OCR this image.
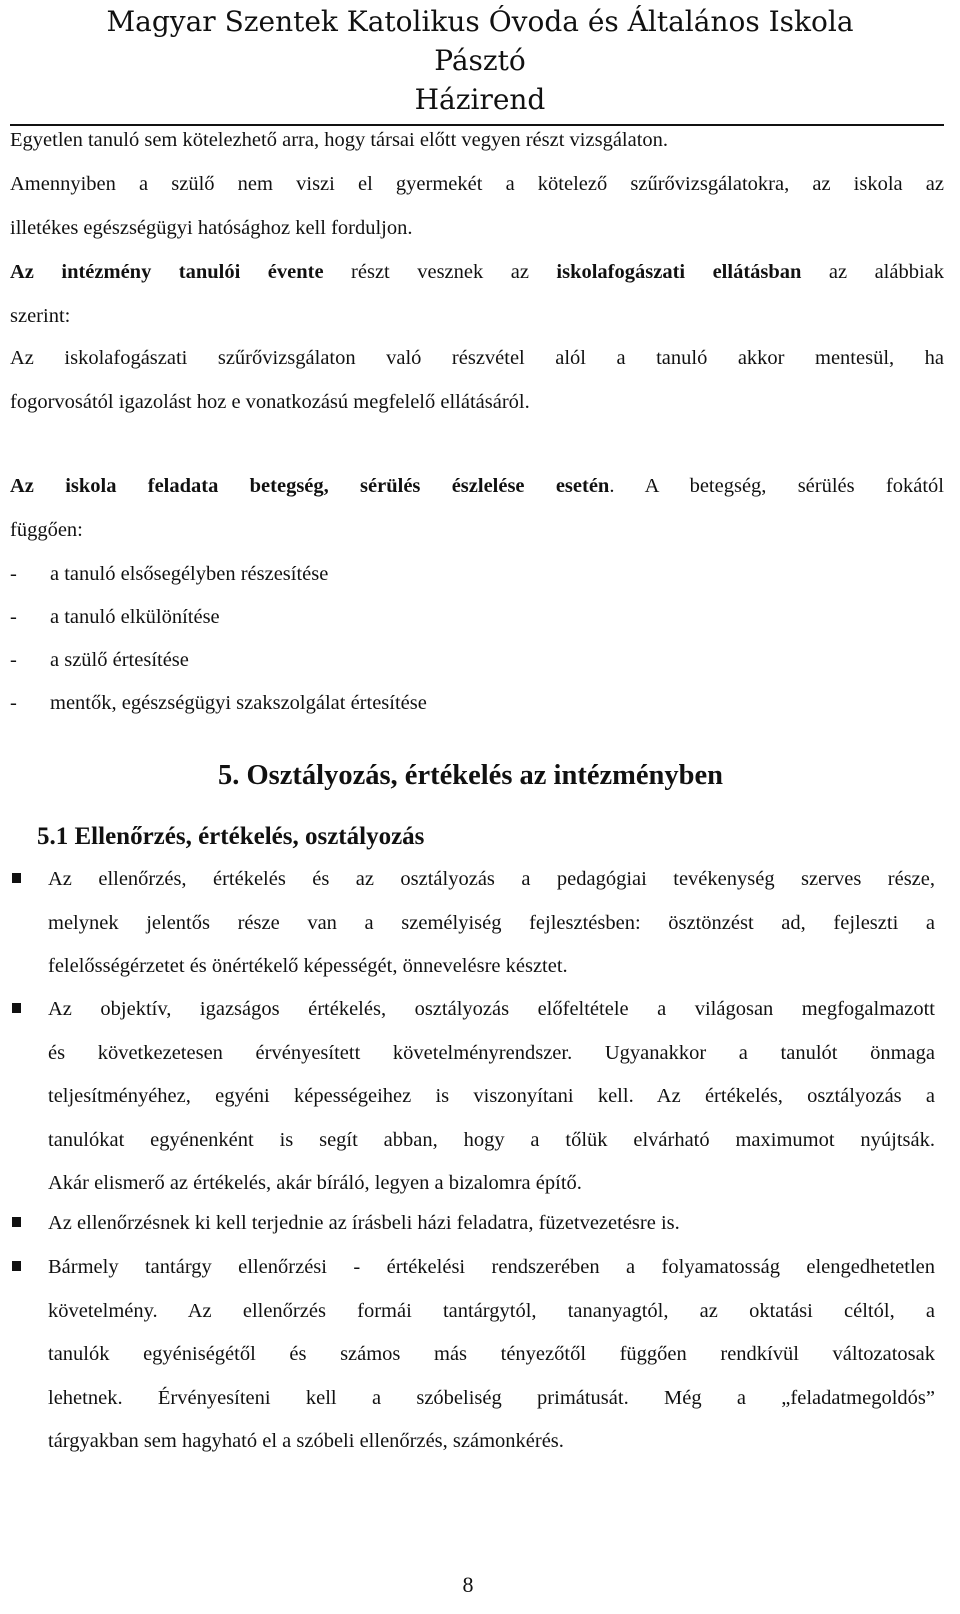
Magyar Szentek Katolikus Óvoda és Általános Iskola
Pásztó
Házirend
Egyetlen tanuló sem kötelezhető arra, hogy társai előtt vegyen részt vizsgálaton.
Amennyiben a szülő nem viszi el gyermekét a kötelező szűrővizsgálatokra, az iskola az
illetékes egészségügyi hatósághoz kell forduljon.
Az intézmény tanulói évente részt vesznek az iskolafogászati ellátásban az alábbiak
szerint:
Az iskolafogászati szűrővizsgálaton való részvétel alól a tanuló akkor mentesül, ha
fogorvosától igazolást hoz e vonatkozású megfelelő ellátásáról.
Az iskola feladata betegség, sérülés észlelése esetén. A betegség, sérülés fokától
függően:
- a tanuló elsősegélyben részesítése
- a tanuló elkülönítése
- a szülő értesítése
- mentők, egészségügyi szakszolgálat értesítése
5. Osztályozás, értékelés az intézményben
5.1 Ellenőrzés, értékelés, osztályozás
Az ellenőrzés, értékelés és az osztályozás a pedagógiai tevékenység szerves része,
melynek jelentős része van a személyiség fejlesztésben: ösztönzést ad, fejleszti a
felelősségérzetet és önértékelő képességét, önnevelésre késztet.
Az objektív, igazságos értékelés, osztályozás előfeltétele a világosan megfogalmazott
és következetesen érvényesített követelményrendszer. Ugyanakkor a tanulót önmaga
teljesítményéhez, egyéni képességeihez is viszonyítani kell. Az értékelés, osztályozás a
tanulókat egyénenként is segít abban, hogy a tőlük elvárható maximumot nyújtsák.
Akár elismerő az értékelés, akár bíráló, legyen a bizalomra építő.
Az ellenőrzésnek ki kell terjednie az írásbeli házi feladatra, füzetvezetésre is.
Bármely tantárgy ellenőrzési - értékelési rendszerében a folyamatosság elengedhetetlen
követelmény. Az ellenőrzés formái tantárgytól, tananyagtól, az oktatási céltól, a
tanulók egyéniségétől és számos más tényezőtől függően rendkívül változatosak
lehetnek. Érvényesíteni kell a szóbeliség primátusát. Még a „feladatmegoldós”
tárgyakban sem hagyható el a szóbeli ellenőrzés, számonkérés.
8
